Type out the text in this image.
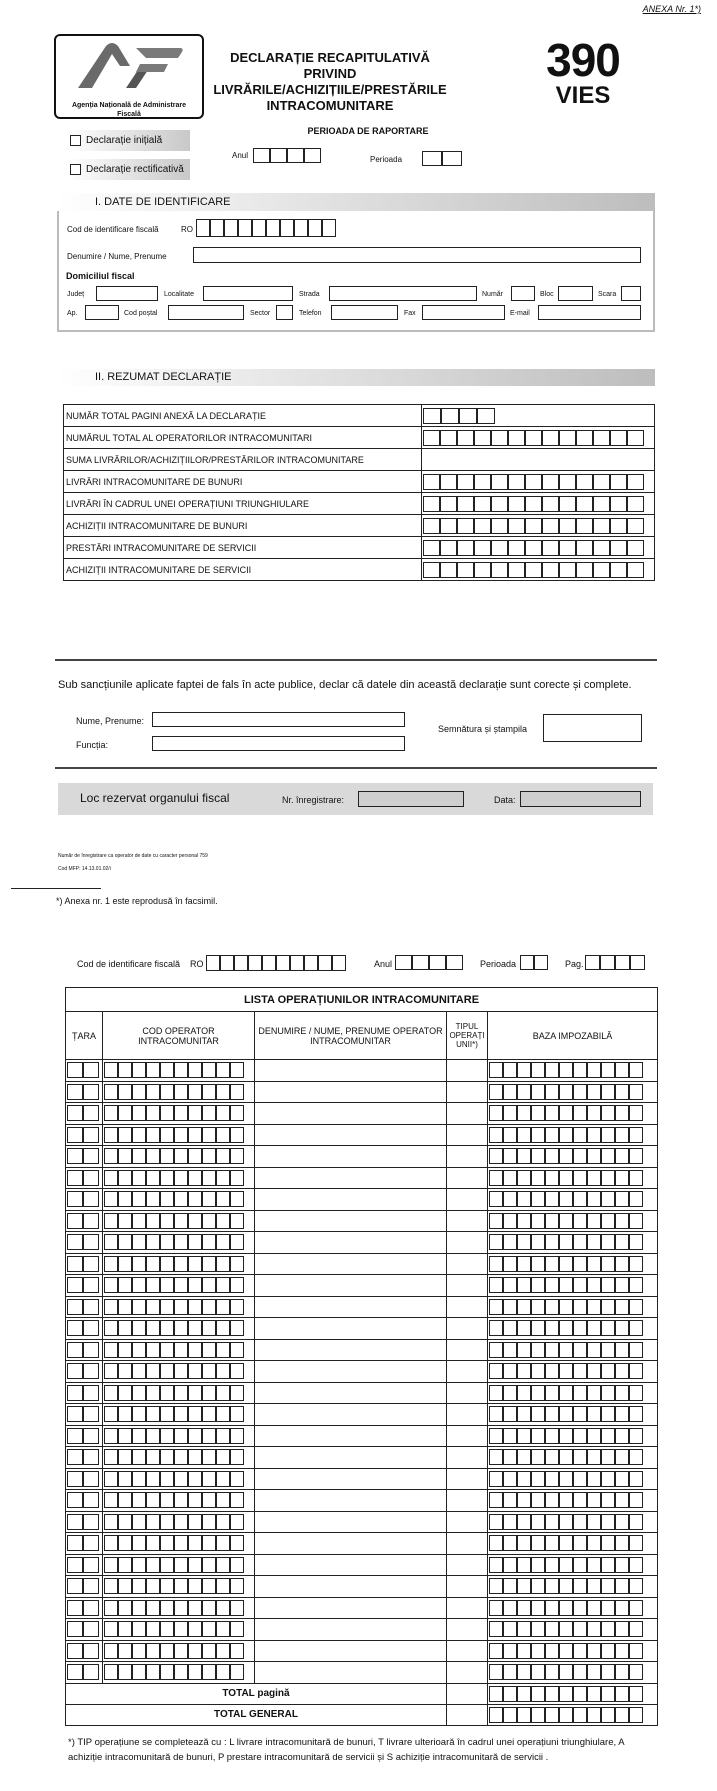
ANEXA Nr. 1*)
Agenția Națională de Administrare Fiscală
DECLARAȚIE RECAPITULATIVĂ
PRIVIND LIVRĂRILE/ACHIZIȚIILE/PRESTĂRILE
INTRACOMUNITARE
390
VIES
PERIOADA DE RAPORTARE
Anul	Perioada
Declarație inițială
Declarație rectificativă
I. DATE DE IDENTIFICARE
Cod de identificare fiscală	RO
Denumire / Nume, Prenume
Domiciliul fiscal
Județ	Localitate	Strada	Număr	Bloc	Scara
Ap.	Cod poștal	Sector	Telefon	Fax	E-mail
II. REZUMAT DECLARAȚIE
NUMĂR TOTAL PAGINI ANEXĂ LA DECLARAȚIE	
NUMĂRUL TOTAL AL OPERATORILOR INTRACOMUNITARI	
SUMA LIVRĂRILOR/ACHIZIȚIILOR/PRESTĂRILOR INTRACOMUNITARE	
LIVRĂRI INTRACOMUNITARE DE BUNURI	
LIVRĂRI ÎN CADRUL UNEI OPERAȚIUNI TRIUNGHIULARE	
ACHIZIȚII INTRACOMUNITARE DE BUNURI	
PRESTĂRI INTRACOMUNITARE DE SERVICII	
ACHIZIȚII INTRACOMUNITARE DE SERVICII	
Sub sancțiunile aplicate faptei de fals în acte publice, declar că datele din această declarație sunt corecte și complete.
Nume, Prenume:
Funcția:
Semnătura și ștampila
Loc rezervat organului fiscal	Nr. înregistrare:	Data:
Număr de înregistrare ca operator de date cu caracter personal 759
Cod MFP: 14.13.01.02/i
*) Anexa nr. 1 este reprodusă în facsimil.
Cod de identificare fiscală RO	Anul	Perioada	Pag.
LISTA OPERAȚIUNILOR INTRACOMUNITARE				
ȚARA	COD OPERATOR INTRACOMUNITAR	DENUMIRE / NUME, PRENUME OPERATOR INTRACOMUNITAR	TIPUL OPERAȚI UNII*)	BAZA IMPOZABILĂ

TOTAL pagină				
TOTAL GENERAL				
*) TIP operațiune se completează cu : L livrare intracomunitară de bunuri, T livrare ulterioară în cadrul unei operațiuni triunghiulare, A achiziție intracomunitară de bunuri, P prestare intracomunitară de servicii și S achiziție intracomunitară de servicii .
